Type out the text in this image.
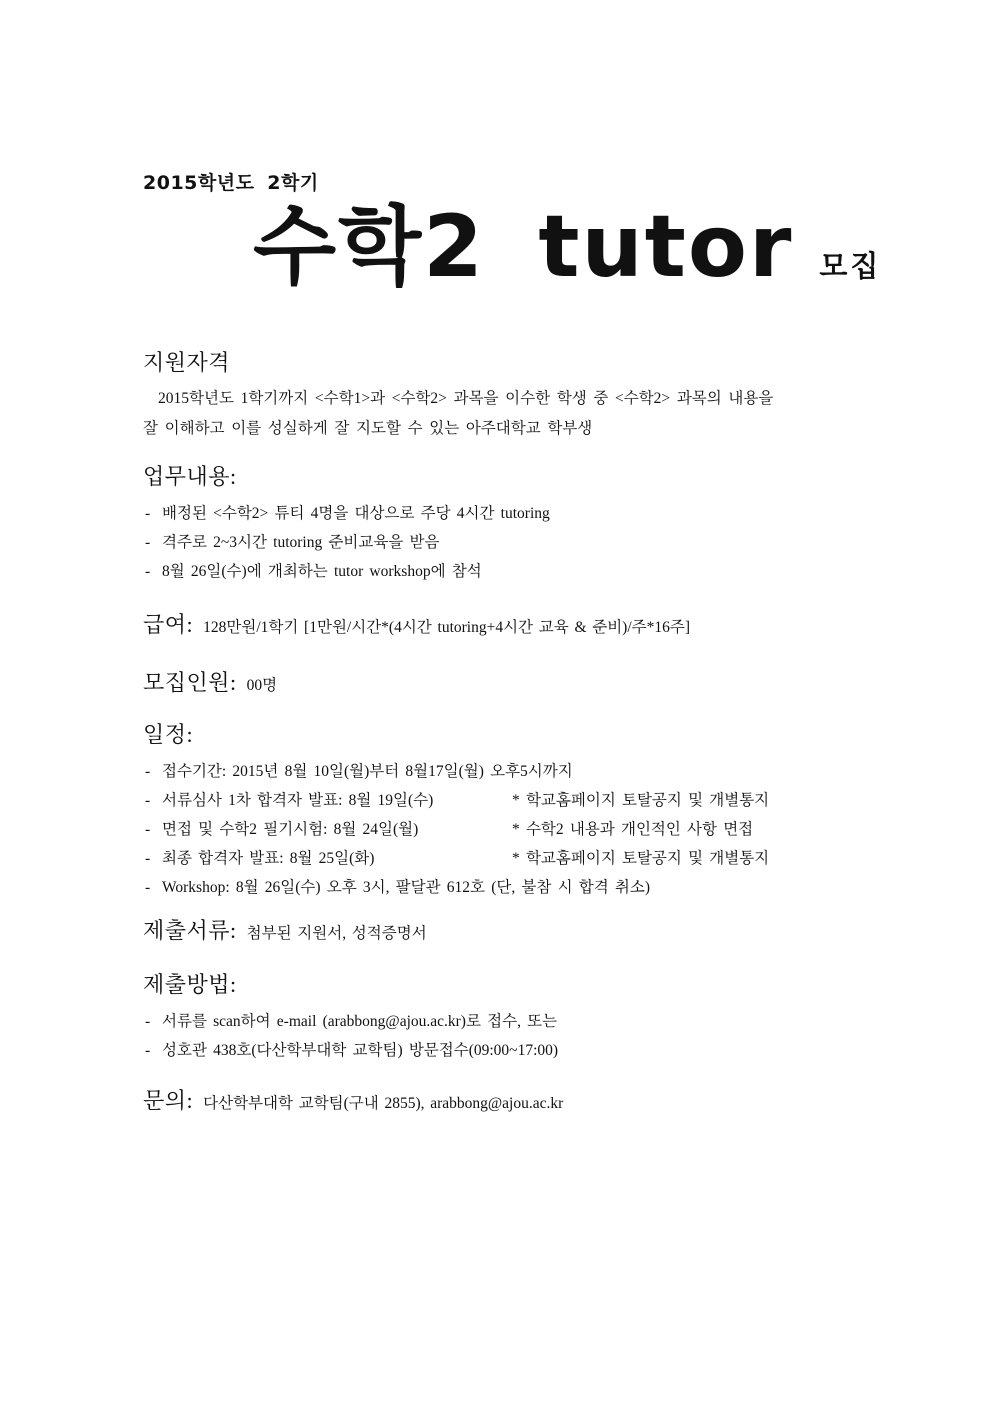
2015학년도 2학기
수학2 tutor 모집
지원자격
2015학년도 1학기까지 <수학1>과 <수학2> 과목을 이수한 학생 중 <수학2> 과목의 내용을
잘 이해하고 이를 성실하게 잘 지도할 수 있는 아주대학교 학부생
업무내용:
- 배정된 <수학2> 튜티 4명을 대상으로 주당 4시간 tutoring
- 격주로 2~3시간 tutoring 준비교육을 받음
- 8월 26일(수)에 개최하는 tutor workshop에 참석
급여: 128만원/1학기 [1만원/시간*(4시간 tutoring+4시간 교육 & 준비)/주*16주]
모집인원: 00명
일정:
- 접수기간: 2015년 8월 10일(월)부터 8월17일(월) 오후5시까지
- 서류심사 1차 합격자 발표: 8월 19일(수)	* 학교홈페이지 토탈공지 및 개별통지
- 면접 및 수학2 필기시험: 8월 24일(월)	* 수학2 내용과 개인적인 사항 면접
- 최종 합격자 발표: 8월 25일(화)	* 학교홈페이지 토탈공지 및 개별통지
- Workshop: 8월 26일(수) 오후 3시, 팔달관 612호 (단, 불참 시 합격 취소)
제출서류: 첨부된 지원서, 성적증명서
제출방법:
- 서류를 scan하여 e-mail (arabbong@ajou.ac.kr)로 접수, 또는
- 성호관 438호(다산학부대학 교학팀) 방문접수(09:00~17:00)
문의: 다산학부대학 교학팀(구내 2855), arabbong@ajou.ac.kr
